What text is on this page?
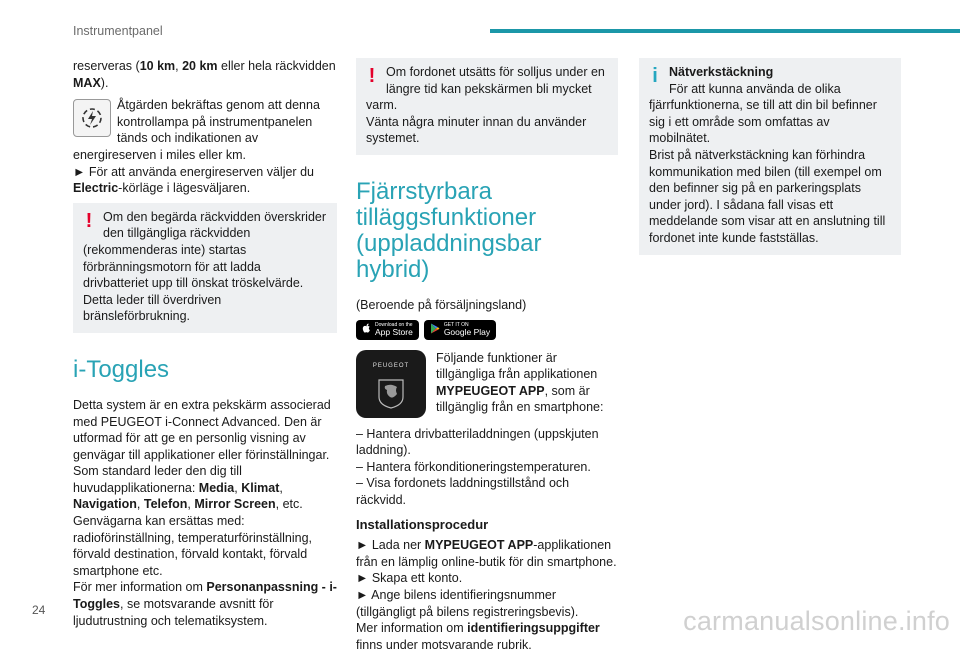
Instrumentpanel

reserveras (10 km, 20 km eller hela räckvidden MAX).

Åtgärden bekräftas genom att denna kontrollampa på instrumentpanelen tänds och indikationen av energireserven i miles eller km.

► För att använda energireserven väljer du Electric-körläge i lägesväljaren.

! Om den begärda räckvidden överskrider den tillgängliga räckvidden (rekommenderas inte) startas förbränningsmotorn för att ladda drivbatteriet upp till önskat tröskelvärde. Detta leder till överdriven bränsleförbrukning.

i-Toggles

Detta system är en extra pekskärm associerad med PEUGEOT i-Connect Advanced. Den är utformad för att ge en personlig visning av genvägar till applikationer eller förinställningar.

Som standard leder den dig till huvudapplikationerna: Media, Klimat, Navigation, Telefon, Mirror Screen, etc.

Genvägarna kan ersättas med: radioförinställning, temperaturförinställning, förvald destination, förvald kontakt, förvald smartphone etc.

För mer information om Personanpassning - i-Toggles, se motsvarande avsnitt för ljudutrustning och telematiksystem.

! Om fordonet utsätts för solljus under en längre tid kan pekskärmen bli mycket varm.
Vänta några minuter innan du använder systemet.

Fjärrstyrbara tilläggsfunktioner (uppladdningsbar hybrid)

(Beroende på försäljningsland)

Download on the
App Store
GET IT ON
Google Play
PEUGEOT

Följande funktioner är tillgängliga från applikationen MYPEUGEOT APP, som är tillgänglig från en smartphone:

– Hantera drivbatteriladdningen (uppskjuten laddning).

– Hantera förkonditioneringstemperaturen.

– Visa fordonets laddningstillstånd och räckvidd.

Installationsprocedur

► Lada ner MYPEUGEOT APP-applikationen från en lämplig online-butik för din smartphone.

► Skapa ett konto.

► Ange bilens identifieringsnummer (tillgängligt på bilens registreringsbevis).

Mer information om identifieringsuppgifter finns under motsvarande rubrik.

i Nätverkstäckning

För att kunna använda de olika fjärrfunktionerna, se till att din bil befinner sig i ett område som omfattas av mobilnätet.

Brist på nätverkstäckning kan förhindra kommunikation med bilen (till exempel om den befinner sig på en parkeringsplats under jord). I sådana fall visas ett meddelande som visar att en anslutning till fordonet inte kunde fastställas.

24	carmanualsonline.info
